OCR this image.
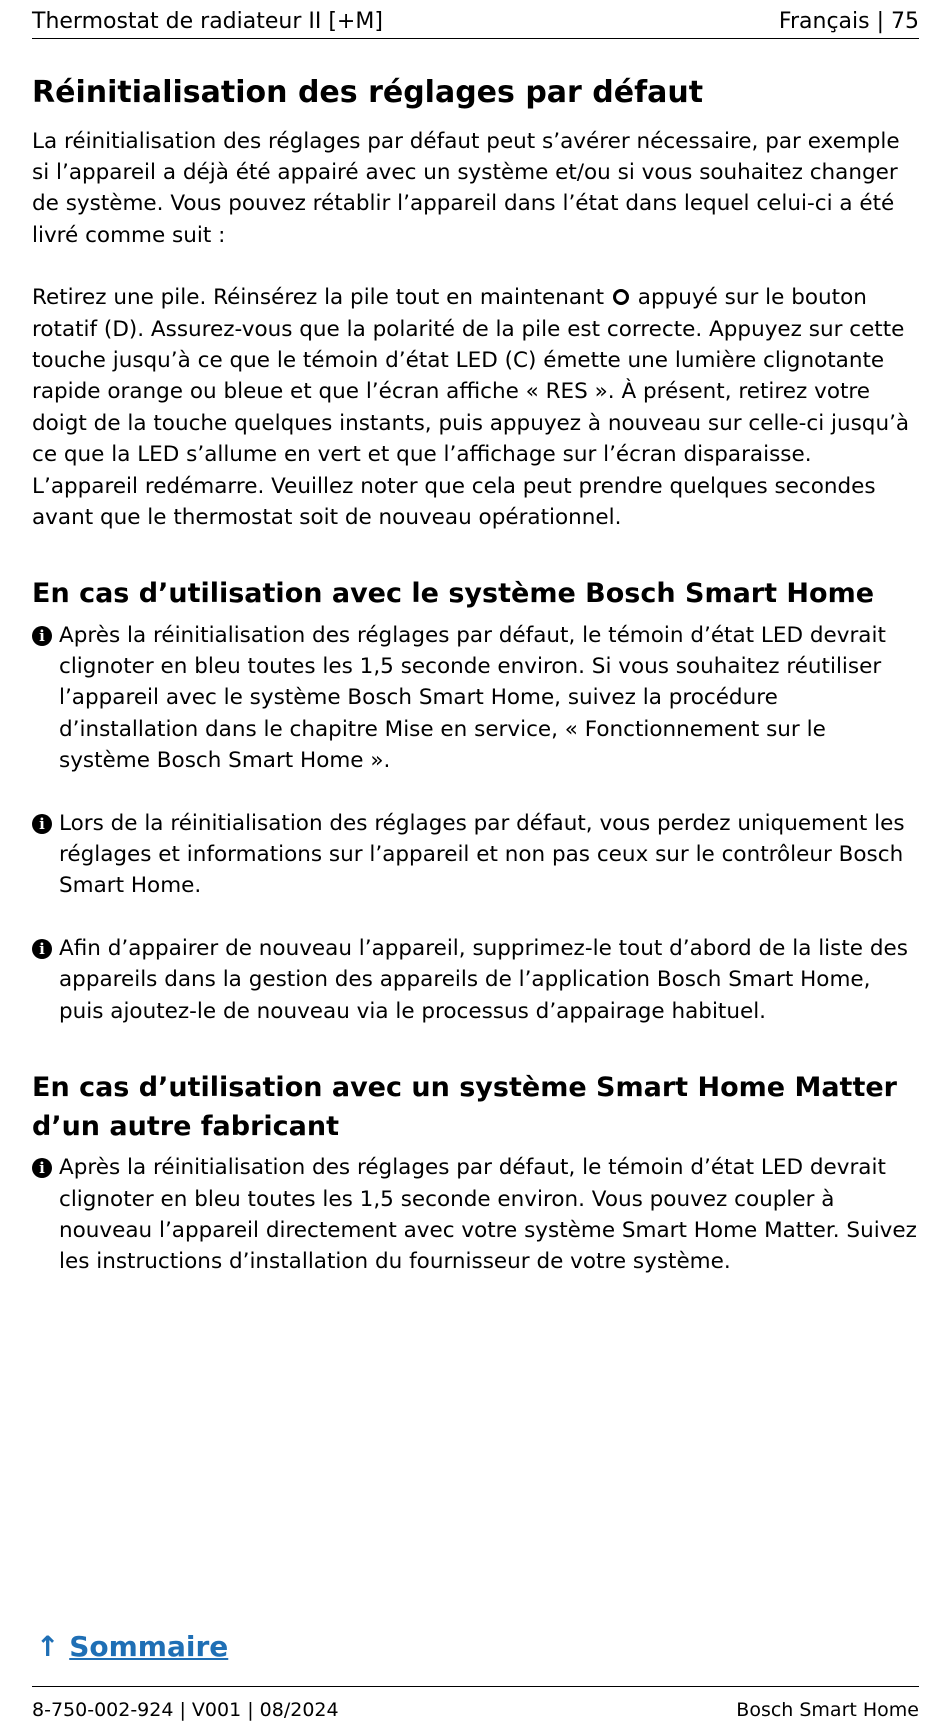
Thermostat de radiateur II [+M]	Français | 75
Réinitialisation des réglages par défaut

La réinitialisation des réglages par défaut peut s’avérer nécessaire, par exemple si l’appareil a déjà été appairé avec un système et/ou si vous souhaitez changer de système. Vous pouvez rétablir l’appareil dans l’état dans lequel celui-ci a été livré comme suit :

Retirez une pile. Réinsérez la pile tout en maintenant appuyé sur le bouton rotatif (D). Assurez-vous que la polarité de la pile est correcte. Appuyez sur cette touche jusqu’à ce que le témoin d’état LED (C) émette une lumière clignotante rapide orange ou bleue et que l’écran affiche « RES ». À présent, retirez votre doigt de la touche quelques instants, puis appuyez à nouveau sur celle-ci jusqu’à ce que la LED s’allume en vert et que l’affichage sur l’écran disparaisse. L’appareil redémarre. Veuillez noter que cela peut prendre quelques secondes avant que le thermostat soit de nouveau opérationnel.

En cas d’utilisation avec le système Bosch Smart Home
i Après la réinitialisation des réglages par défaut, le témoin d’état LED devrait clignoter en bleu toutes les 1,5 seconde environ. Si vous souhaitez réutiliser l’appareil avec le système Bosch Smart Home, suivez la procédure d’installation dans le chapitre Mise en service, « Fonctionnement sur le système Bosch Smart Home ».
i Lors de la réinitialisation des réglages par défaut, vous perdez uniquement les réglages et informations sur l’appareil et non pas ceux sur le contrôleur Bosch Smart Home.
i Afin d’appairer de nouveau l’appareil, supprimez-le tout d’abord de la liste des appareils dans la gestion des appareils de l’application Bosch Smart Home, puis ajoutez-le de nouveau via le processus d’appairage habituel.
En cas d’utilisation avec un système Smart Home Matter d’un autre fabricant
i Après la réinitialisation des réglages par défaut, le témoin d’état LED devrait clignoter en bleu toutes les 1,5 seconde environ. Vous pouvez coupler à nouveau l’appareil directement avec votre système Smart Home Matter. Suivez les instructions d’installation du fournisseur de votre système.
↑ Sommaire
8-750-002-924 | V001 | 08/2024	Bosch Smart Home
